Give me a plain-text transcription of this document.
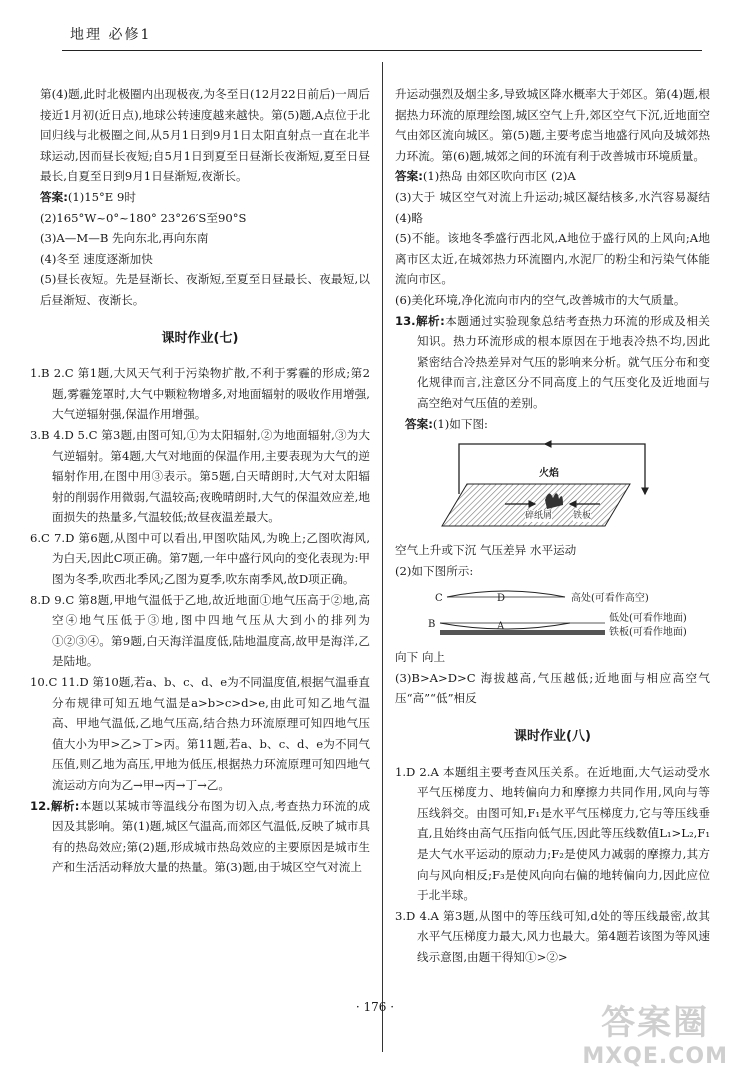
地理 必修1

第(4)题,此时北极圈内出现极夜,为冬至日(12月22日前后)一周后接近1月初(近日点),地球公转速度越来越快。第(5)题,A点位于北回归线与北极圈之间,从5月1日到9月1日太阳直射点一直在北半球运动,因而昼长夜短;自5月1日到夏至日昼渐长夜渐短,夏至日昼最长,自夏至日到9月1日昼渐短,夜渐长。

答案:(1)15°E 9时

(2)165°W~0°~180° 23°26′S至90°S

(3)A—M—B 先向东北,再向东南

(4)冬至 速度逐渐加快

(5)昼长夜短。先是昼渐长、夜渐短,至夏至日昼最长、夜最短,以后昼渐短、夜渐长。

课时作业(七)

1.B 2.C 第1题,大风天气利于污染物扩散,不利于雾霾的形成;第2题,雾霾笼罩时,大气中颗粒物增多,对地面辐射的吸收作用增强,大气逆辐射强,保温作用增强。

3.B 4.D 5.C 第3题,由图可知,①为太阳辐射,②为地面辐射,③为大气逆辐射。第4题,大气对地面的保温作用,主要表现为大气的逆辐射作用,在图中用③表示。第5题,白天晴朗时,大气对太阳辐射的削弱作用微弱,气温较高;夜晚晴朗时,大气的保温效应差,地面损失的热量多,气温较低;故昼夜温差最大。

6.C 7.D 第6题,从图中可以看出,甲图吹陆风,为晚上;乙图吹海风,为白天,因此C项正确。第7题,一年中盛行风向的变化表现为:甲图为冬季,吹西北季风;乙图为夏季,吹东南季风,故D项正确。

8.D 9.C 第8题,甲地气温低于乙地,故近地面①地气压高于②地,高空④地气压低于③地,图中四地气压从大到小的排列为①②③④。第9题,白天海洋温度低,陆地温度高,故甲是海洋,乙是陆地。

10.C 11.D 第10题,若a、b、c、d、e为不同温度值,根据气温垂直分布规律可知五地气温是a>b>c>d>e,由此可知乙地气温高、甲地气温低,乙地气压高,结合热力环流原理可知四地气压值大小为甲>乙>丁>丙。第11题,若a、b、c、d、e为不同气压值,则乙地为高压,甲地为低压,根据热力环流原理可知四地气流运动方向为乙→甲→丙→丁→乙。

12.解析:本题以某城市等温线分布图为切入点,考查热力环流的成因及其影响。第(1)题,城区气温高,而郊区气温低,反映了城市具有的热岛效应;第(2)题,形成城市热岛效应的主要原因是城市生产和生活活动释放大量的热量。第(3)题,由于城区空气对流上

升运动强烈及烟尘多,导致城区降水概率大于郊区。第(4)题,根据热力环流的原理绘图,城区空气上升,郊区空气下沉,近地面空气由郊区流向城区。第(5)题,主要考虑当地盛行风向及城郊热力环流。第(6)题,城郊之间的环流有利于改善城市环境质量。

答案:(1)热岛 由郊区吹向市区 (2)A

(3)大于 城区空气对流上升运动;城区凝结核多,水汽容易凝结 (4)略

(5)不能。该地冬季盛行西北风,A地位于盛行风的上风向;A地离市区太近,在城郊热力环流圈内,水泥厂的粉尘和污染气体能流向市区。

(6)美化环境,净化流向市内的空气,改善城市的大气质量。

13.解析:本题通过实验现象总结考查热力环流的形成及相关知识。热力环流形成的根本原因在于地表冷热不均,因此紧密结合冷热差异对气压的影响来分析。就气压分布和变化规律而言,注意区分不同高度上的气压变化及近地面与高空绝对气压值的差别。

答案:(1)如下图:

火焰
碎纸屑 铁板

空气上升或下沉 气压差异 水平运动

(2)如下图所示:

C	D	高处(可看作高空)
B	A
低处(可看作地面)
铁板(可看作地面)

向下 向上

(3)B>A>D>C 海拔越高,气压越低;近地面与相应高空气压“高”“低”相反

课时作业(八)

1.D 2.A 本题组主要考查风压关系。在近地面,大气运动受水平气压梯度力、地转偏向力和摩擦力共同作用,风向与等压线斜交。由图可知,F₁是水平气压梯度力,它与等压线垂直,且始终由高气压指向低气压,因此等压线数值L₁>L₂,F₁是大气水平运动的原动力;F₂是使风力减弱的摩擦力,其方向与风向相反;F₃是使风向向右偏的地转偏向力,因此应位于北半球。

3.D 4.A 第3题,从图中的等压线可知,d处的等压线最密,故其水平气压梯度力最大,风力也最大。第4题若该图为等风速线示意图,由题干得知①>②>

· 176 ·	答案圈
MXQE.COM
